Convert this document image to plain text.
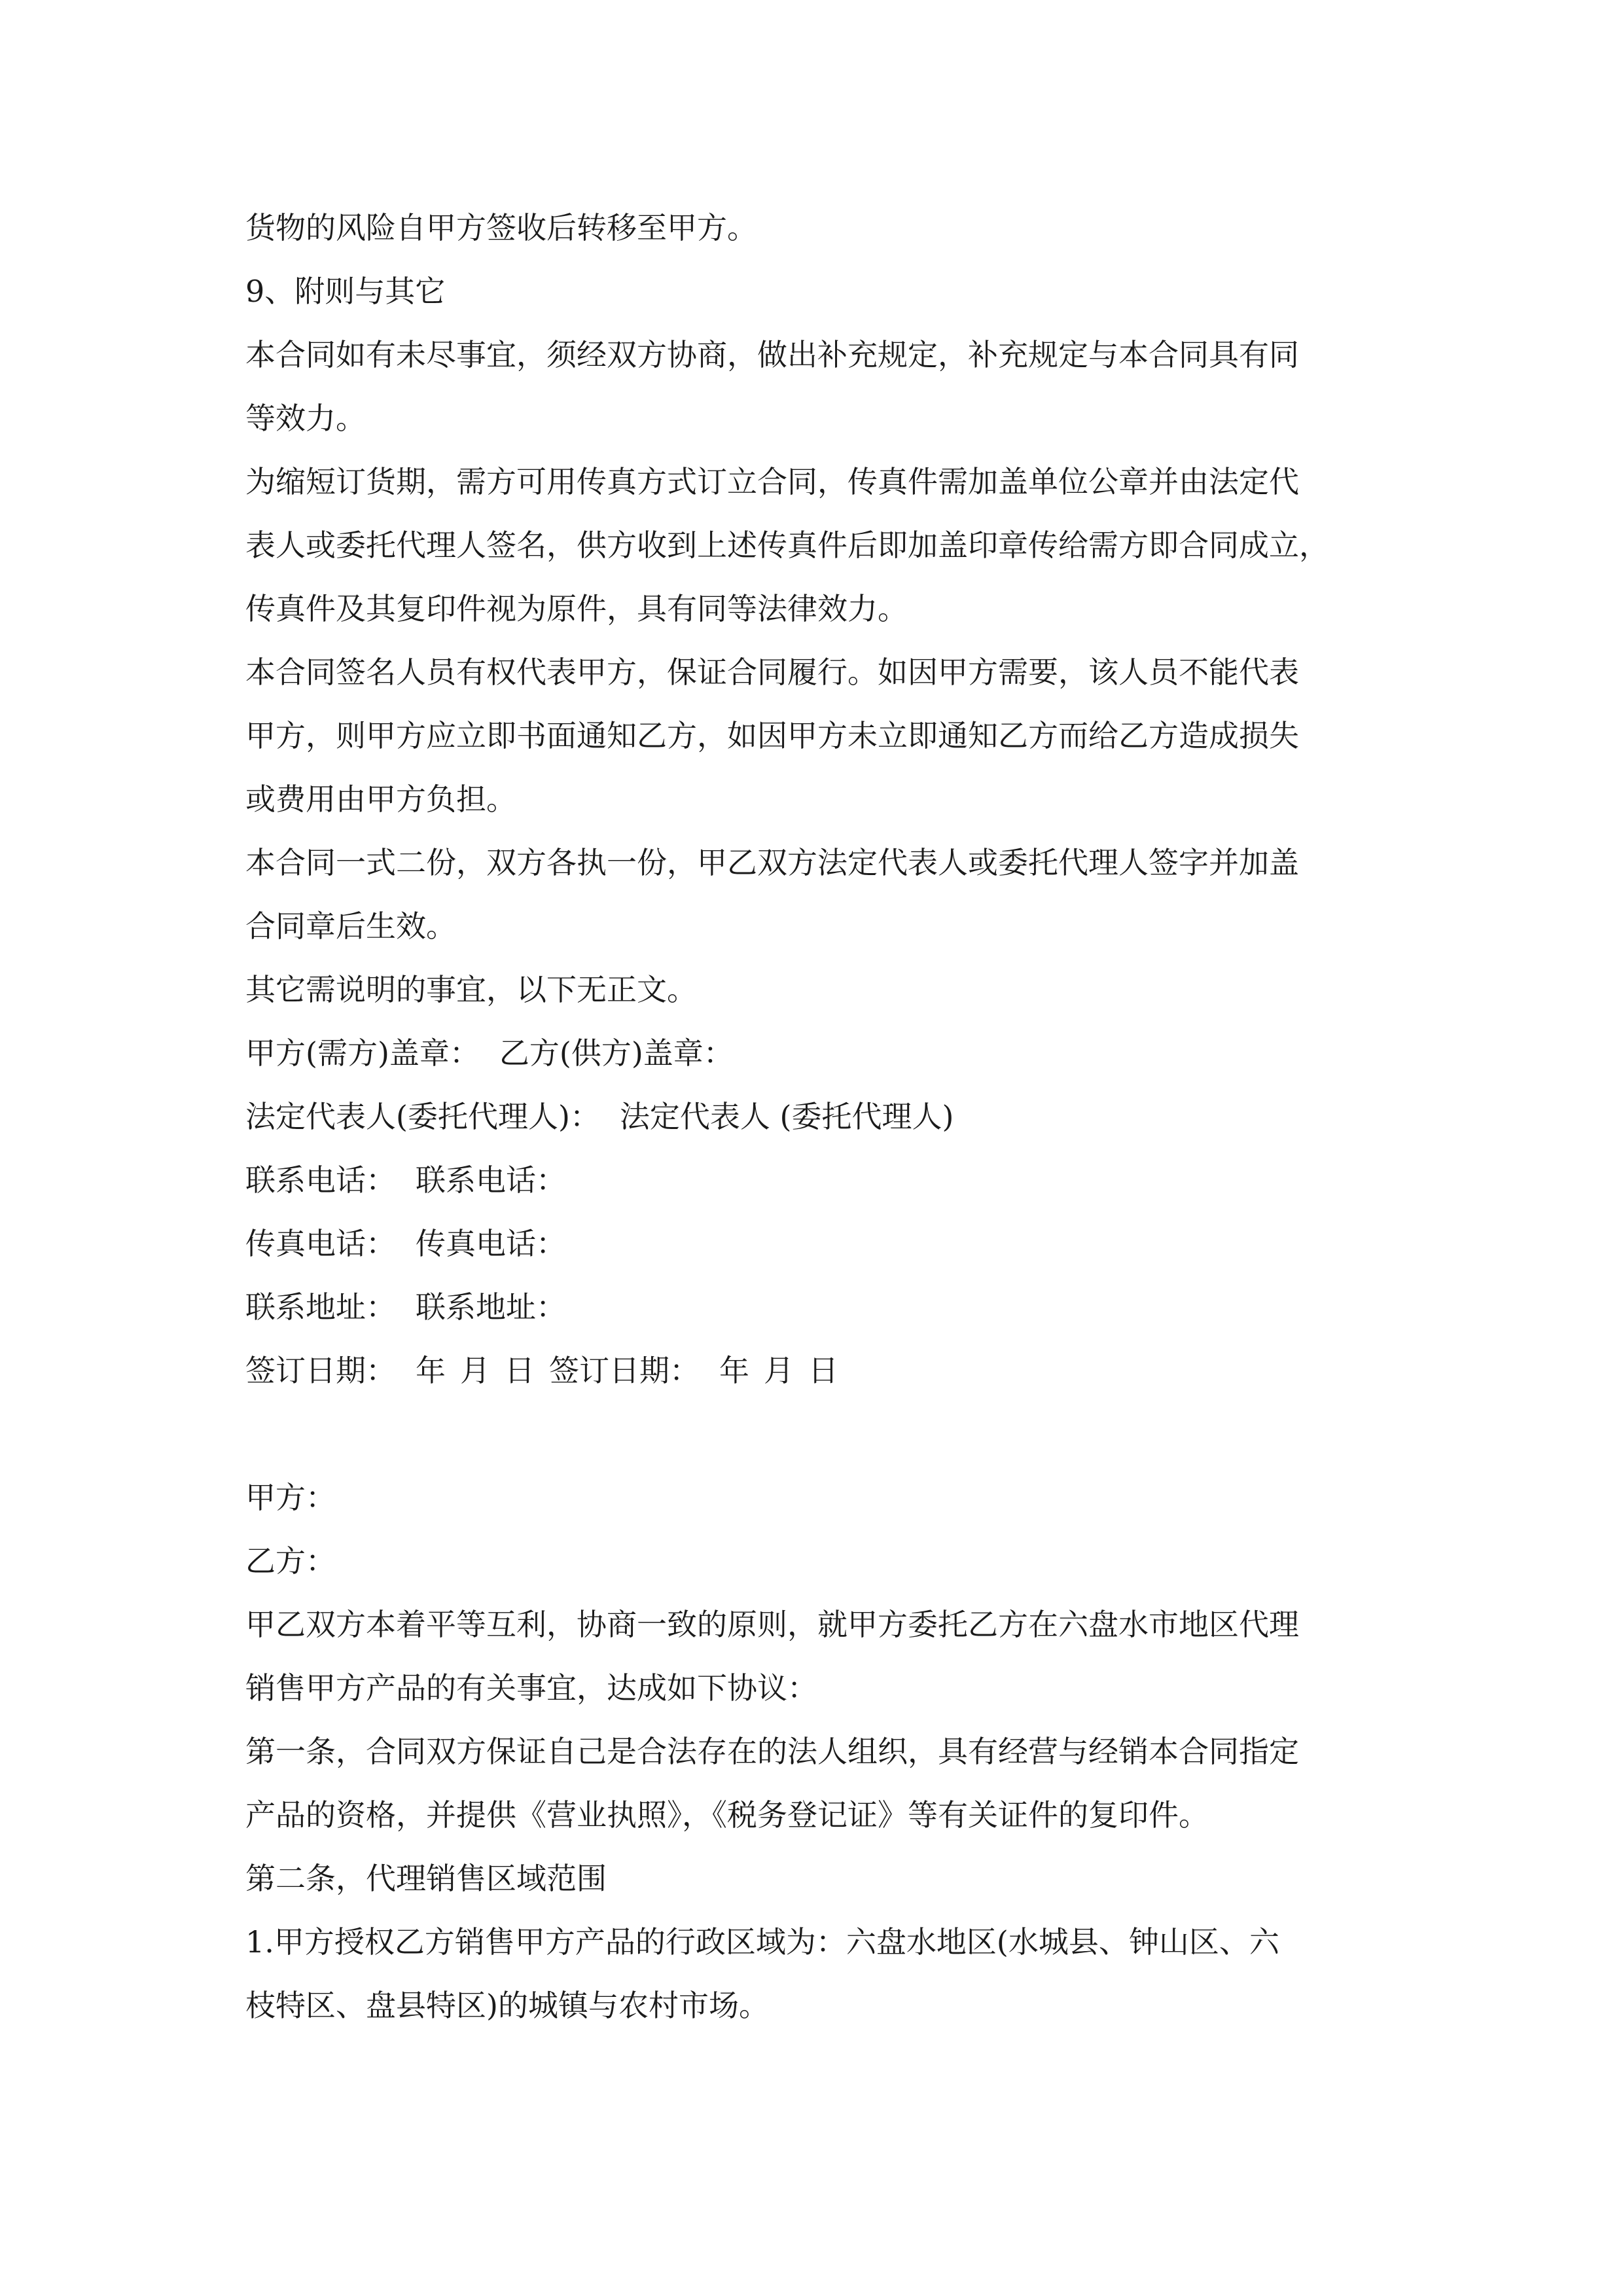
货物的风险自甲方签收后转移至甲方。
9、附则与其它
本合同如有未尽事宜，须经双方协商，做出补充规定，补充规定与本合同具有同
等效力。
为缩短订货期，需方可用传真方式订立合同，传真件需加盖单位公章并由法定代
表人或委托代理人签名，供方收到上述传真件后即加盖印章传给需方即合同成立，
传真件及其复印件视为原件，具有同等法律效力。
本合同签名人员有权代表甲方，保证合同履行。如因甲方需要，该人员不能代表
甲方，则甲方应立即书面通知乙方，如因甲方未立即通知乙方而给乙方造成损失
或费用由甲方负担。
本合同一式二份，双方各执一份，甲乙双方法定代表人或委托代理人签字并加盖
合同章后生效。
其它需说明的事宜，以下无正文。
甲方(需方)盖章： 乙方(供方)盖章：
法定代表人(委托代理人)： 法定代表人 (委托代理人)
联系电话： 联系电话：
传真电话： 传真电话：
联系地址： 联系地址：
签订日期： 年 月 日 签订日期： 年 月 日
甲方：
乙方：
甲乙双方本着平等互利，协商一致的原则，就甲方委托乙方在六盘水市地区代理
销售甲方产品的有关事宜，达成如下协议：
第一条，合同双方保证自己是合法存在的法人组织，具有经营与经销本合同指定
产品的资格，并提供《营业执照》，《税务登记证》等有关证件的复印件。
第二条，代理销售区域范围
1.甲方授权乙方销售甲方产品的行政区域为：六盘水地区(水城县、钟山区、六
枝特区、盘县特区)的城镇与农村市场。
